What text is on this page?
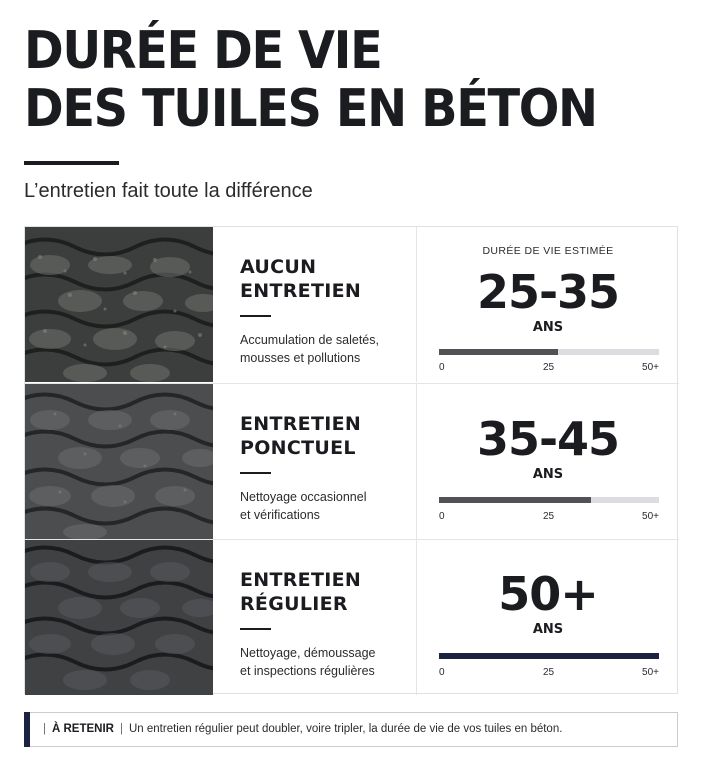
DURÉE DE VIE
DES TUILES EN BÉTON
L’entretien fait toute la différence
AUCUN
ENTRETIEN

Accumulation de saletés,
mousses et pollutions

DURÉE DE VIE ESTIMÉE
25-35
ANS
0	25	50+
ENTRETIEN
PONCTUEL

Nettoyage occasionnel
et vérifications

35-45
ANS
0	25	50+
ENTRETIEN
RÉGULIER

Nettoyage, démoussage
et inspections régulières

50+
ANS
0	25	50+
| À RETENIR | Un entretien régulier peut doubler, voire tripler, la durée de vie de vos tuiles en béton.
